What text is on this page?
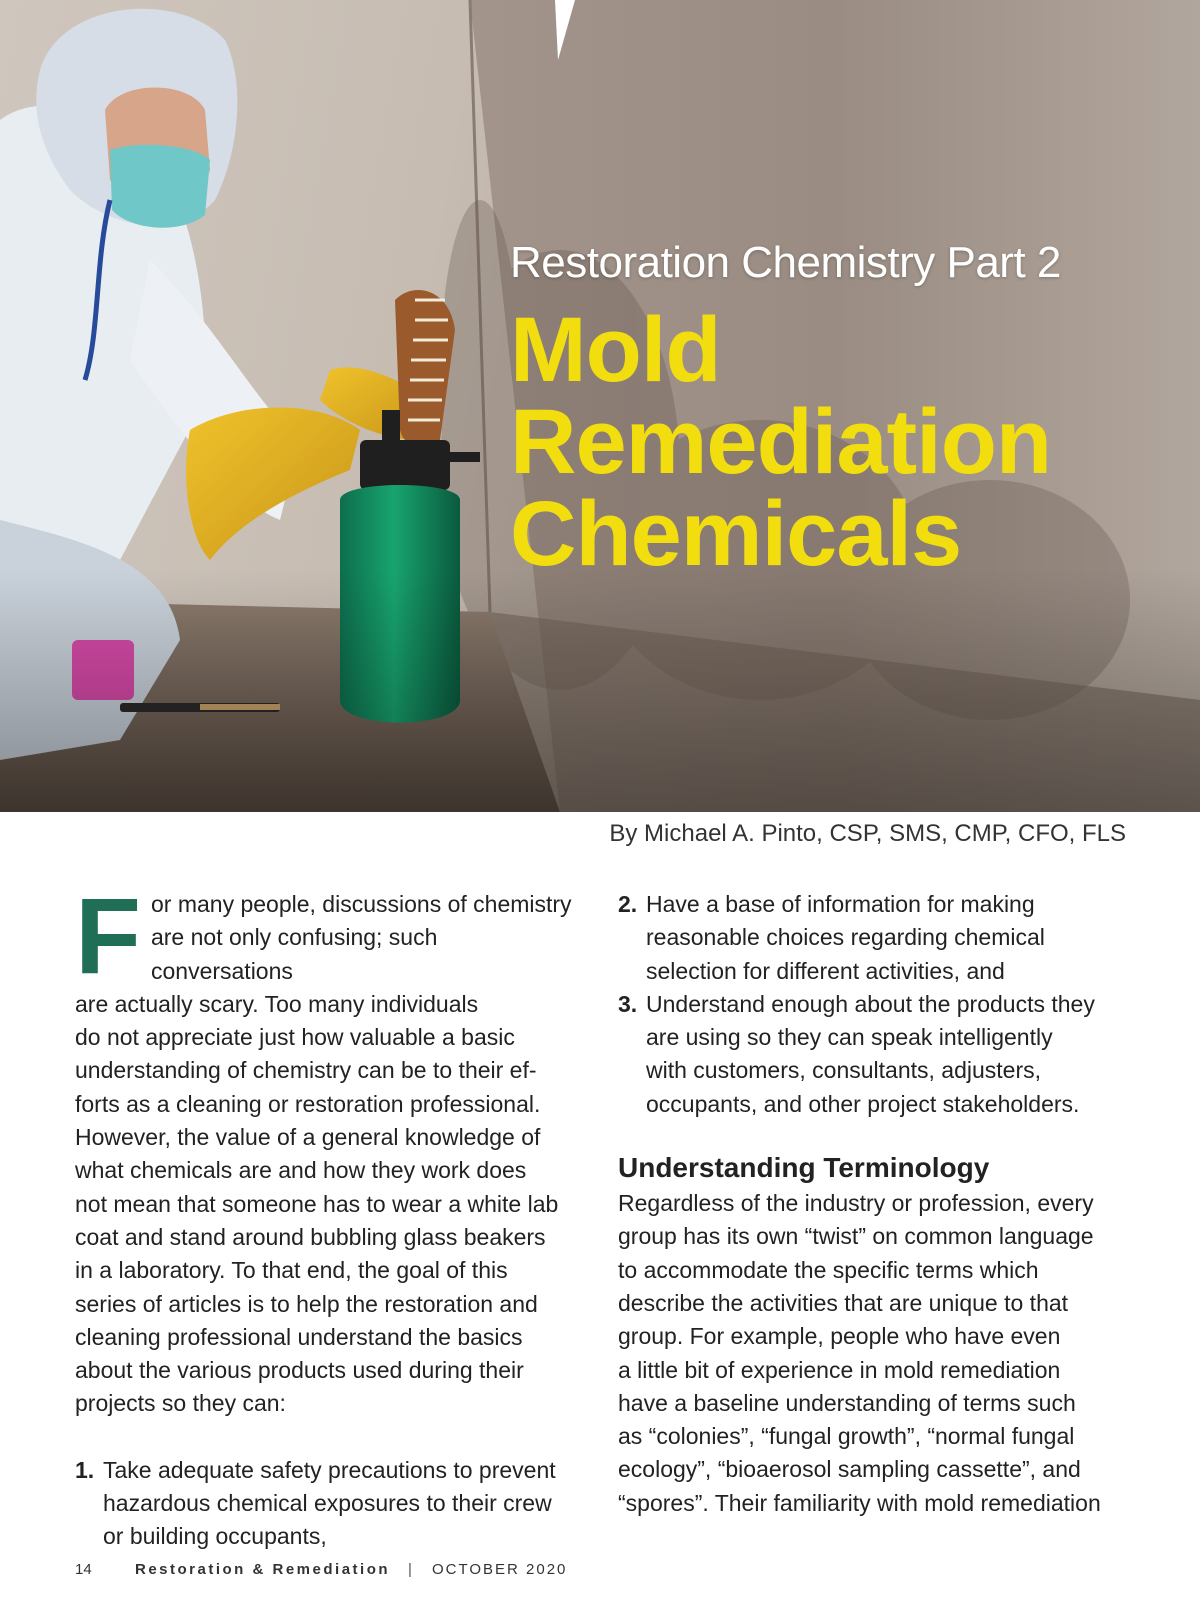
Restoration Chemistry Part 2
Mold
Remediation
Chemicals
By Michael A. Pinto, CSP, SMS, CMP, CFO, FLS
F or many people, discussions of chemistry
are not only confusing; such conversations
are actually scary. Too many individuals
do not appreciate just how valuable a basic
understanding of chemistry can be to their ef-
forts as a cleaning or restoration professional.
However, the value of a general knowledge of
what chemicals are and how they work does
not mean that someone has to wear a white lab
coat and stand around bubbling glass beakers
in a laboratory. To that end, the goal of this
series of articles is to help the restoration and
cleaning professional understand the basics
about the various products used during their
projects so they can:
1. Take adequate safety precautions to prevent
hazardous chemical exposures to their crew
or building occupants,
2. Have a base of information for making
reasonable choices regarding chemical
selection for different activities, and
3. Understand enough about the products they
are using so they can speak intelligently
with customers, consultants, adjusters,
occupants, and other project stakeholders.
Understanding Terminology
Regardless of the industry or profession, every
group has its own “twist” on common language
to accommodate the specific terms which
describe the activities that are unique to that
group. For example, people who have even
a little bit of experience in mold remediation
have a baseline understanding of terms such
as “colonies”, “fungal growth”, “normal fungal
ecology”, “bioaerosol sampling cassette”, and
“spores”. Their familiarity with mold remediation
14	Restoration & Remediation | OCTOBER 2020
